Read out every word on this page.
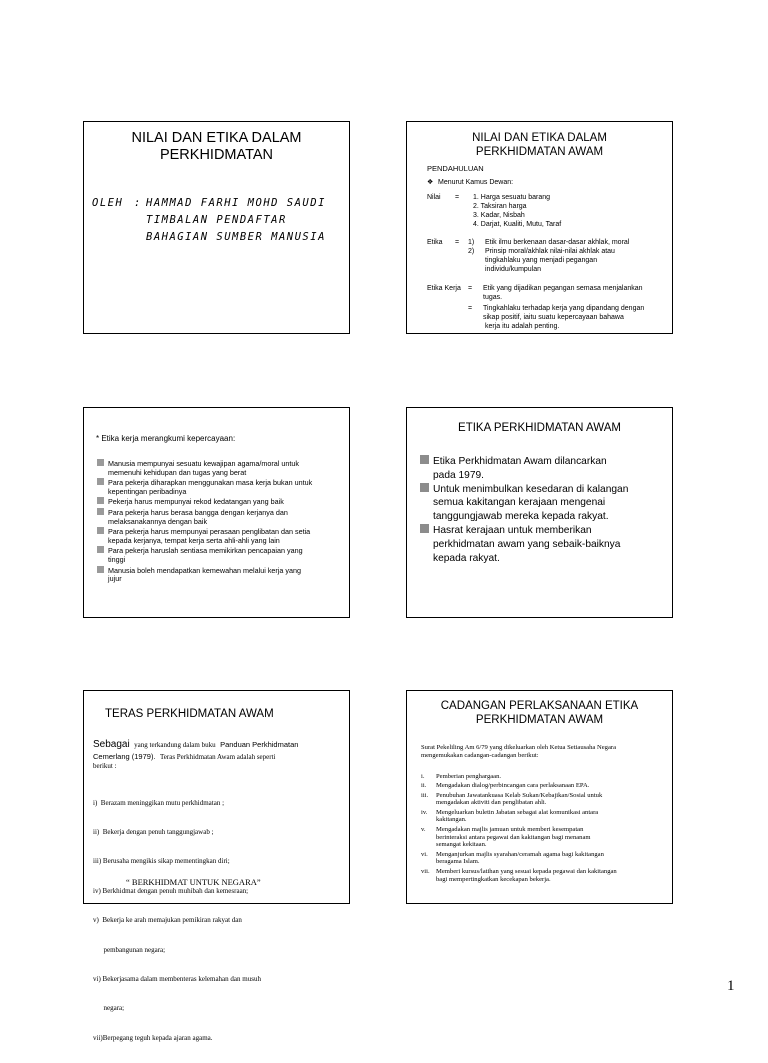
NILAI DAN ETIKA DALAM
PERKHIDMATAN
OLEH : HAMMAD FARHI MOHD SAUDI
TIMBALAN PENDAFTAR
BAHAGIAN SUMBER MANUSIA
NILAI DAN ETIKA DALAM
PERKHIDMATAN AWAM
PENDAHULUAN
❖ Menurut Kamus Dewan:
Nilai = 1. Harga sesuatu barang
2. Taksiran harga
3. Kadar, Nisbah
4. Darjat, Kualiti, Mutu, Taraf
Etika = 1) Etik ilmu berkenaan dasar-dasar akhlak, moral
2) Prinsip moral/akhlak nilai-nilai akhlak atau
tingkahlaku yang menjadi pegangan
individu/kumpulan
Etika Kerja = Etik yang dijadikan pegangan semasa menjalankan
tugas.
= Tingkahlaku terhadap kerja yang dipandang dengan
sikap positif, iaitu suatu kepercayaan bahawa
kerja itu adalah penting.
* Etika kerja merangkumi kepercayaan:
Manusia mempunyai sesuatu kewajipan agama/moral untuk
memenuhi kehidupan dan tugas yang berat
Para pekerja diharapkan menggunakan masa kerja bukan untuk
kepentingan peribadinya
Pekerja harus mempunyai rekod kedatangan yang baik
Para pekerja harus berasa bangga dengan kerjanya dan
melaksanakannya dengan baik
Para pekerja harus mempunyai perasaan penglibatan dan setia
kepada kerjanya, tempat kerja serta ahli-ahli yang lain
Para pekerja haruslah sentiasa memikirkan pencapaian yang
tinggi
Manusia boleh mendapatkan kemewahan melalui kerja yang
jujur
ETIKA PERKHIDMATAN AWAM
Etika Perkhidmatan Awam dilancarkan
pada 1979.
Untuk menimbulkan kesedaran di kalangan
semua kakitangan kerajaan mengenai
tanggungjawab mereka kepada rakyat.
Hasrat kerajaan untuk memberikan
perkhidmatan awam yang sebaik-baiknya
kepada rakyat.
TERAS PERKHIDMATAN AWAM
Sebagai yang terkandung dalam buku Panduan Perkhidmatan
Cemerlang (1979). Teras Perkhidmatan Awam adalah seperti
berikut :

i)  Berazam meninggikan mutu perkhidmatan ;

ii)  Bekerja dengan penuh tanggungjawab ;

iii) Berusaha mengikis sikap mementingkan diri;

iv) Berkhidmat dengan penuh muhibah dan kemesraan;

v)  Bekerja ke arah memajukan pemikiran rakyat dan

pembangunan negara;

vi) Bekerjasama dalam membenteras kelemahan dan musuh

negara;

vii)Berpegang teguh kepada ajaran agama.

“ BERKHIDMAT UNTUK NEGARA”
CADANGAN PERLAKSANAAN ETIKA
PERKHIDMATAN AWAM
Surat Pekeliling Am 6/79 yang dikeluarkan oleh Ketua Setiausaha Negara
mengemukakan cadangan-cadangan berikut:
i. Pemberian penghargaan.
ii. Mengadakan dialog/perbincangan cara perlaksanaan EPA.
iii. Penubuhan Jawatankuasa Kelab Sukan/Kebajikan/Sosial untuk
mengadakan aktiviti dan penglibatan ahli.
iv. Mengeluarkan buletin Jabatan sebagai alat komunikasi antara
kakitangan.
v. Mengadakan majlis jamuan untuk memberi kesempatan
berinteraksi antara pegawai dan kakitangan bagi menanam
semangat kekitaan.
vi. Menganjurkan majlis syarahan/ceramah agama bagi kakitangan
beragama Islam.
vii. Memberi kursus/latihan yang sesuai kepada pegawai dan kakitangan
bagi mempertingkatkan kecekapan bekerja.
1
